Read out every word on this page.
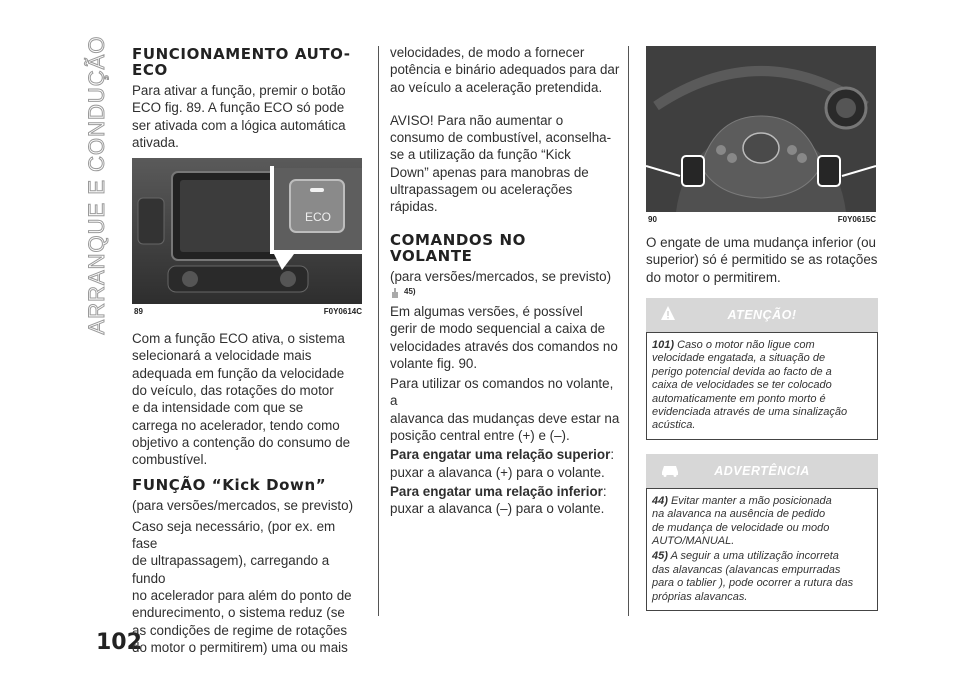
ARRANQUE E CONDUÇÃO
102
FUNCIONAMENTO AUTO-
ECO

Para ativar a função, premir o botão
ECO fig. 89. A função ECO só pode
ser ativada com a lógica automática
ativada.

ECO
89	F0Y0614C

Com a função ECO ativa, o sistema
selecionará a velocidade mais
adequada em função da velocidade
do veículo, das rotações do motor
e da intensidade com que se
carrega no acelerador, tendo como
objetivo a contenção do consumo de
combustível.

FUNÇÃO “Kick Down”

(para versões/mercados, se previsto)

Caso seja necessário, (por ex. em fase
de ultrapassagem), carregando a fundo
no acelerador para além do ponto de
endurecimento, o sistema reduz (se
as condições de regime de rotações
do motor o permitirem) uma ou mais

velocidades, de modo a fornecer
potência e binário adequados para dar
ao veículo a aceleração pretendida.

AVISO! Para não aumentar o
consumo de combustível, aconselha-
se a utilização da função “Kick
Down” apenas para manobras de
ultrapassagem ou acelerações rápidas.

COMANDOS NO
VOLANTE

(para versões/mercados, se previsto)

45)

Em algumas versões, é possível
gerir de modo sequencial a caixa de
velocidades através dos comandos no
volante fig. 90.

Para utilizar os comandos no volante, a
alavanca das mudanças deve estar na
posição central entre (+) e (–).

Para engatar uma relação superior:
puxar a alavanca (+) para o volante.

Para engatar uma relação inferior:
puxar a alavanca (–) para o volante.

90	F0Y0615C

O engate de uma mudança inferior (ou
superior) só é permitido se as rotações
do motor o permitirem.

ATENÇÃO!

101) Caso o motor não ligue com
velocidade engatada, a situação de
perigo potencial devida ao facto de a
caixa de velocidades se ter colocado
automaticamente em ponto morto é
evidenciada através de uma sinalização
acústica.

ADVERTÊNCIA

44) Evitar manter a mão posicionada
na alavanca na ausência de pedido
de mudança de velocidade ou modo
AUTO/MANUAL.

45) A seguir a uma utilização incorreta
das alavancas (alavancas empurradas
para o tablier ), pode ocorrer a rutura das
próprias alavancas.
